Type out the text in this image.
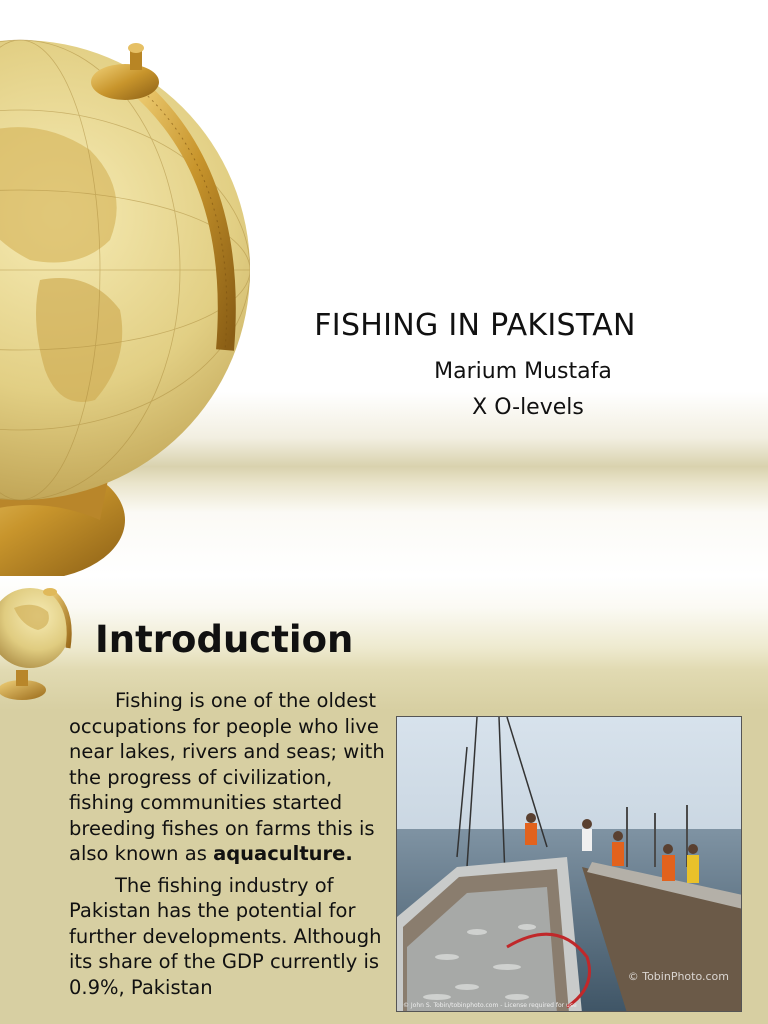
FISHING IN PAKISTAN
Marium Mustafa
X O-levels
Introduction

Fishing is one of the oldest occupations for people who live near lakes, rivers and seas; with the progress of civilization, fishing communities started breeding fishes on farms this is also known as aquaculture.

The fishing industry of Pakistan has the potential for further developments. Although its share of the GDP currently is 0.9%, Pakistan	© TobinPhoto.com
© John S. Tobin/tobinphoto.com - License required for use
